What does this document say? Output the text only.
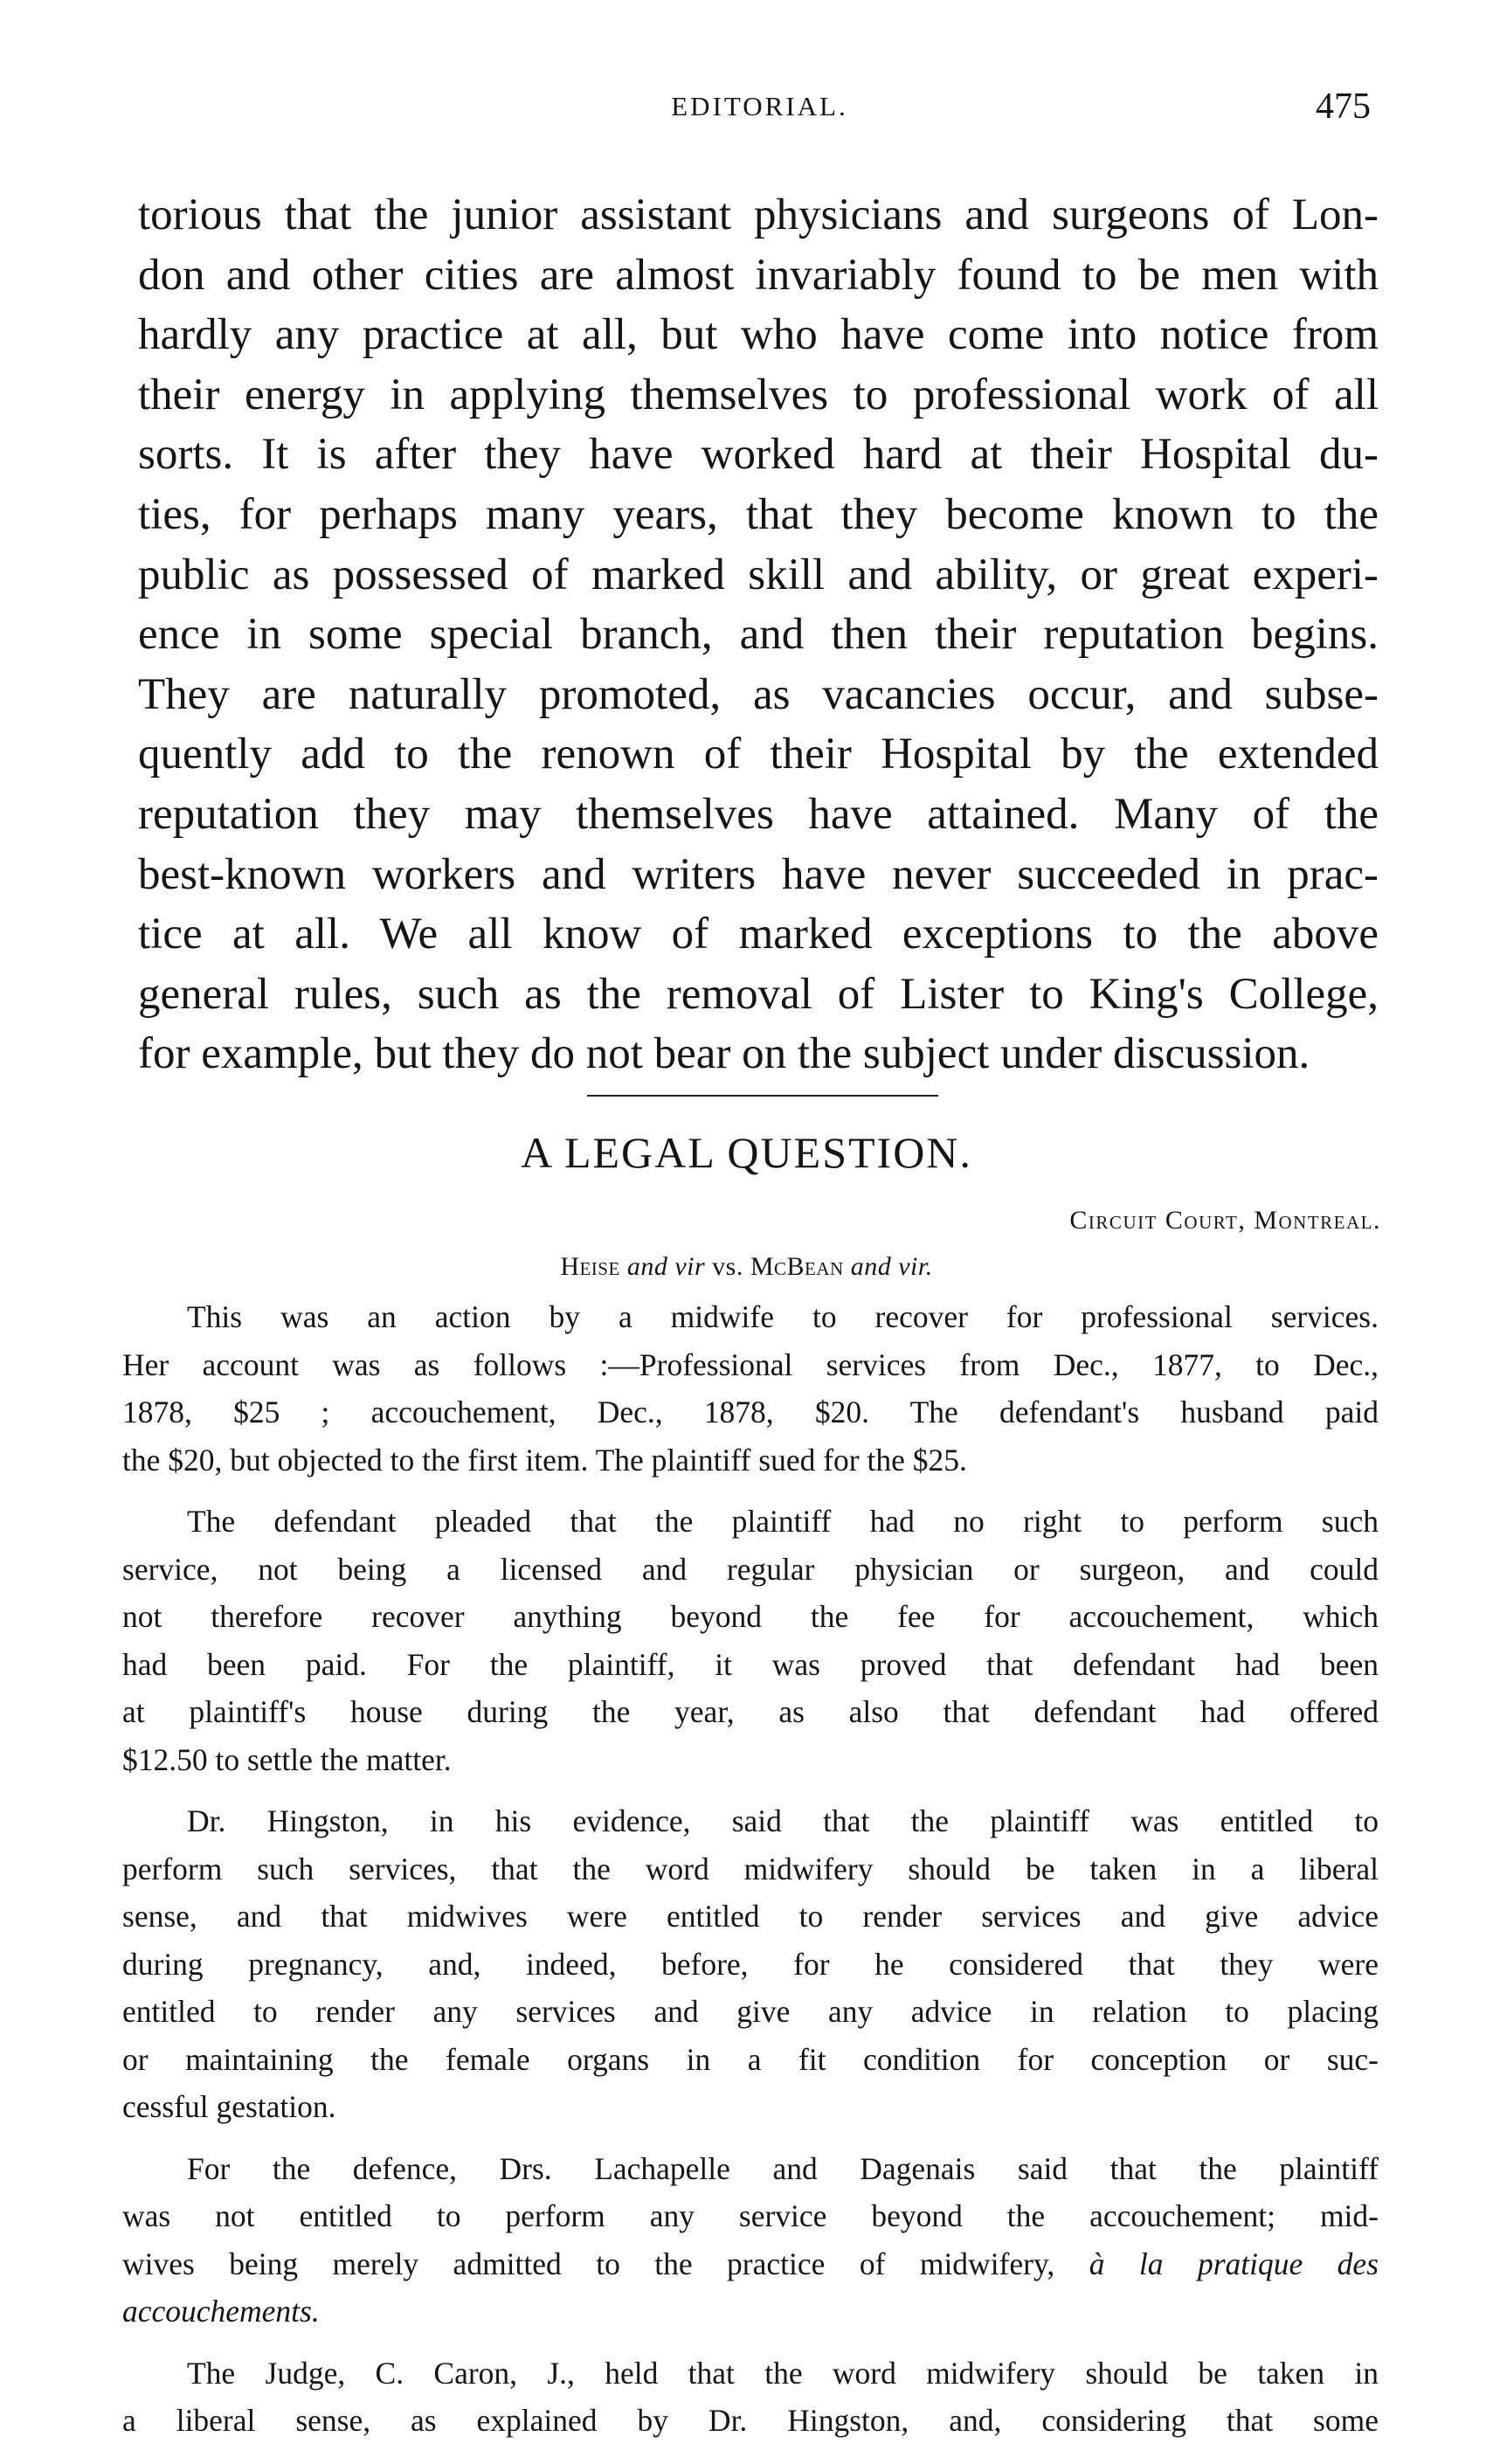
EDITORIAL.	475

torious that the junior assistant physicians and surgeons of Lon-
don and other cities are almost invariably found to be men with
hardly any practice at all, but who have come into notice from
their energy in applying themselves to professional work of all
sorts. It is after they have worked hard at their Hospital du-
ties, for perhaps many years, that they become known to the
public as possessed of marked skill and ability, or great experi-
ence in some special branch, and then their reputation begins.
They are naturally promoted, as vacancies occur, and subse-
quently add to the renown of their Hospital by the extended
reputation they may themselves have attained. Many of the
best-known workers and writers have never succeeded in prac-
tice at all. We all know of marked exceptions to the above
general rules, such as the removal of Lister to King's College,
for example, but they do not bear on the subject under discussion.

A LEGAL QUESTION.
Circuit Court, Montreal.
Heise and vir vs. McBean and vir.

This was an action by a midwife to recover for professional services.
Her account was as follows :—Professional services from Dec., 1877, to Dec.,
1878, $25 ; accouchement, Dec., 1878, $20. The defendant's husband paid
the $20, but objected to the first item. The plaintiff sued for the $25.

The defendant pleaded that the plaintiff had no right to perform such
service, not being a licensed and regular physician or surgeon, and could
not therefore recover anything beyond the fee for accouchement, which
had been paid. For the plaintiff, it was proved that defendant had been
at plaintiff's house during the year, as also that defendant had offered
$12.50 to settle the matter.

Dr. Hingston, in his evidence, said that the plaintiff was entitled to
perform such services, that the word midwifery should be taken in a liberal
sense, and that midwives were entitled to render services and give advice
during pregnancy, and, indeed, before, for he considered that they were
entitled to render any services and give any advice in relation to placing
or maintaining the female organs in a fit condition for conception or suc-
cessful gestation.

For the defence, Drs. Lachapelle and Dagenais said that the plaintiff
was not entitled to perform any service beyond the accouchement; mid-
wives being merely admitted to the practice of midwifery, à la pratique des
accouchements.

The Judge, C. Caron, J., held that the word midwifery should be taken in
a liberal sense, as explained by Dr. Hingston, and, considering that some
